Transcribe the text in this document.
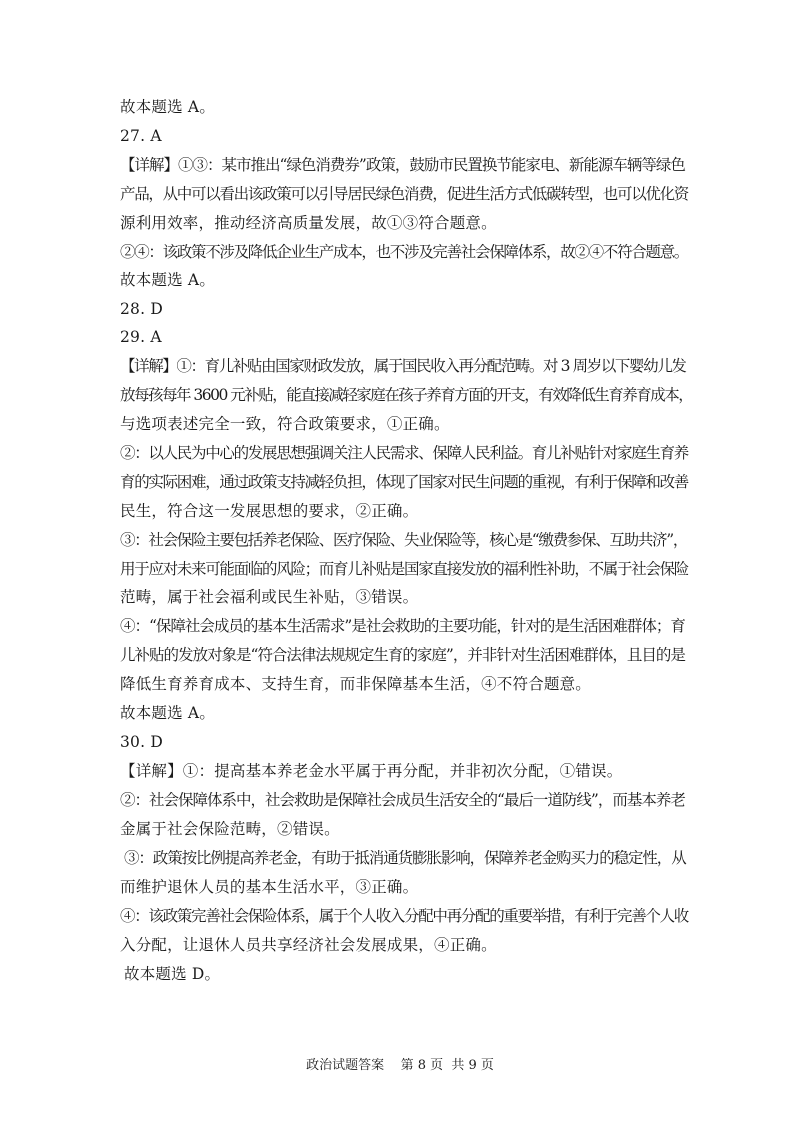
故本题选 A。
27. A
【详解】①③：某市推出“绿色消费券”政策，鼓励市民置换节能家电、新能源车辆等绿色
产品，从中可以看出该政策可以引导居民绿色消费，促进生活方式低碳转型，也可以优化资
源利用效率，推动经济高质量发展，故①③符合题意。
②④：该政策不涉及降低企业生产成本，也不涉及完善社会保障体系，故②④不符合题意。
故本题选 A。
28. D
29. A
【详解】①：育儿补贴由国家财政发放，属于国民收入再分配范畴。对 3 周岁以下婴幼儿发
放每孩每年 3600 元补贴，能直接减轻家庭在孩子养育方面的开支，有效降低生育养育成本，
与选项表述完全一致，符合政策要求，①正确。
②：以人民为中心的发展思想强调关注人民需求、保障人民利益。育儿补贴针对家庭生育养
育的实际困难，通过政策支持减轻负担，体现了国家对民生问题的重视，有利于保障和改善
民生，符合这一发展思想的要求，②正确。
③：社会保险主要包括养老保险、医疗保险、失业保险等，核心是“缴费参保、互助共济”，
用于应对未来可能面临的风险；而育儿补贴是国家直接发放的福利性补助，不属于社会保险
范畴，属于社会福利或民生补贴，③错误。
④：“保障社会成员的基本生活需求”是社会救助的主要功能，针对的是生活困难群体；育
儿补贴的发放对象是“符合法律法规规定生育的家庭”，并非针对生活困难群体，且目的是
降低生育养育成本、支持生育，而非保障基本生活，④不符合题意。
故本题选 A。
30. D
【详解】①：提高基本养老金水平属于再分配，并非初次分配，①错误。
②：社会保障体系中，社会救助是保障社会成员生活安全的“最后一道防线”，而基本养老
金属于社会保险范畴，②错误。
③：政策按比例提高养老金，有助于抵消通货膨胀影响，保障养老金购买力的稳定性，从
而维护退休人员的基本生活水平，③正确。
④：该政策完善社会保险体系，属于个人收入分配中再分配的重要举措，有利于完善个人收
入分配，让退休人员共享经济社会发展成果，④正确。
故本题选 D。
政治试题答案    第 8 页  共 9 页
